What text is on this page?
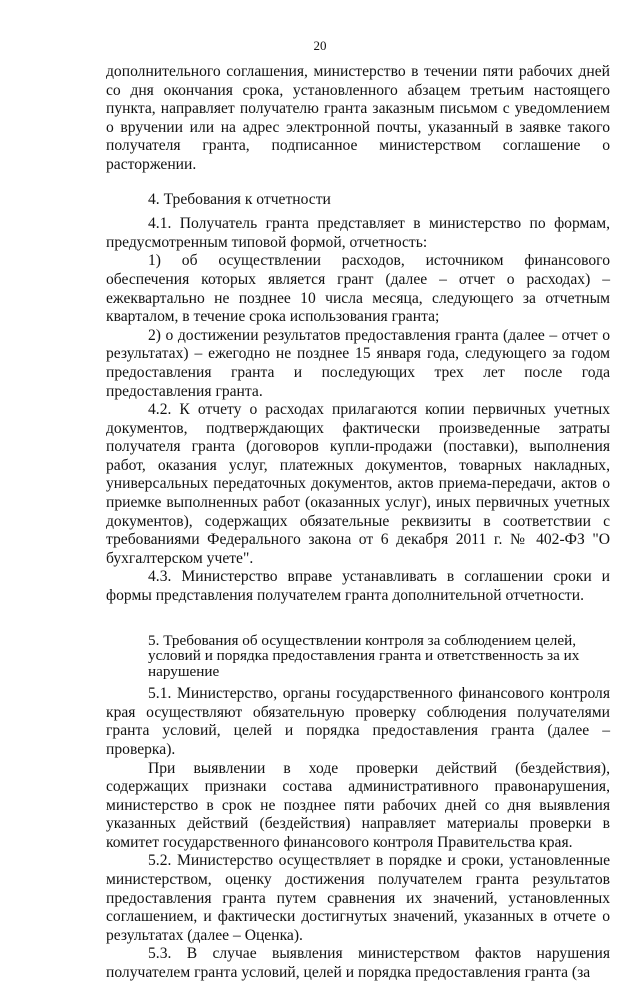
20

дополнительного соглашения, министерство в течении пяти рабочих дней со дня окончания срока, установленного абзацем третьим настоящего пункта, направляет получателю гранта заказным письмом с уведомлением о вручении или на адрес электронной почты, указанный в заявке такого получателя гранта, подписанное министерством соглашение о расторжении.

4. Требования к отчетности

4.1. Получатель гранта представляет в министерство по формам, предусмотренным типовой формой, отчетность:

1) об осуществлении расходов, источником финансового обеспечения которых является грант (далее – отчет о расходах) – ежеквартально не позднее 10 числа месяца, следующего за отчетным кварталом, в течение срока использования гранта;

2) о достижении результатов предоставления гранта (далее – отчет о результатах) – ежегодно не позднее 15 января года, следующего за годом предоставления гранта и последующих трех лет после года предоставления гранта.

4.2. К отчету о расходах прилагаются копии первичных учетных документов, подтверждающих фактически произведенные затраты получателя гранта (договоров купли-продажи (поставки), выполнения работ, оказания услуг, платежных документов, товарных накладных, универсальных передаточных документов, актов приема-передачи, актов о приемке выполненных работ (оказанных услуг), иных первичных учетных документов), содержащих обязательные реквизиты в соответствии с требованиями Федерального закона от 6 декабря 2011 г. № 402-ФЗ "О бухгалтерском учете".

4.3. Министерство вправе устанавливать в соглашении сроки и формы представления получателем гранта дополнительной отчетности.

5. Требования об осуществлении контроля за соблюдением целей,
условий и порядка предоставления гранта и ответственность за их
нарушение

5.1. Министерство, органы государственного финансового контроля края осуществляют обязательную проверку соблюдения получателями гранта условий, целей и порядка предоставления гранта (далее – проверка).

При выявлении в ходе проверки действий (бездействия), содержащих признаки состава административного правонарушения, министерство в срок не позднее пяти рабочих дней со дня выявления указанных действий (бездействия) направляет материалы проверки в комитет государственного финансового контроля Правительства края.

5.2. Министерство осуществляет в порядке и сроки, установленные министерством, оценку достижения получателем гранта результатов предоставления гранта путем сравнения их значений, установленных соглашением, и фактически достигнутых значений, указанных в отчете о результатах (далее – Оценка).

5.3. В случае выявления министерством фактов нарушения получателем гранта условий, целей и порядка предоставления гранта (за
